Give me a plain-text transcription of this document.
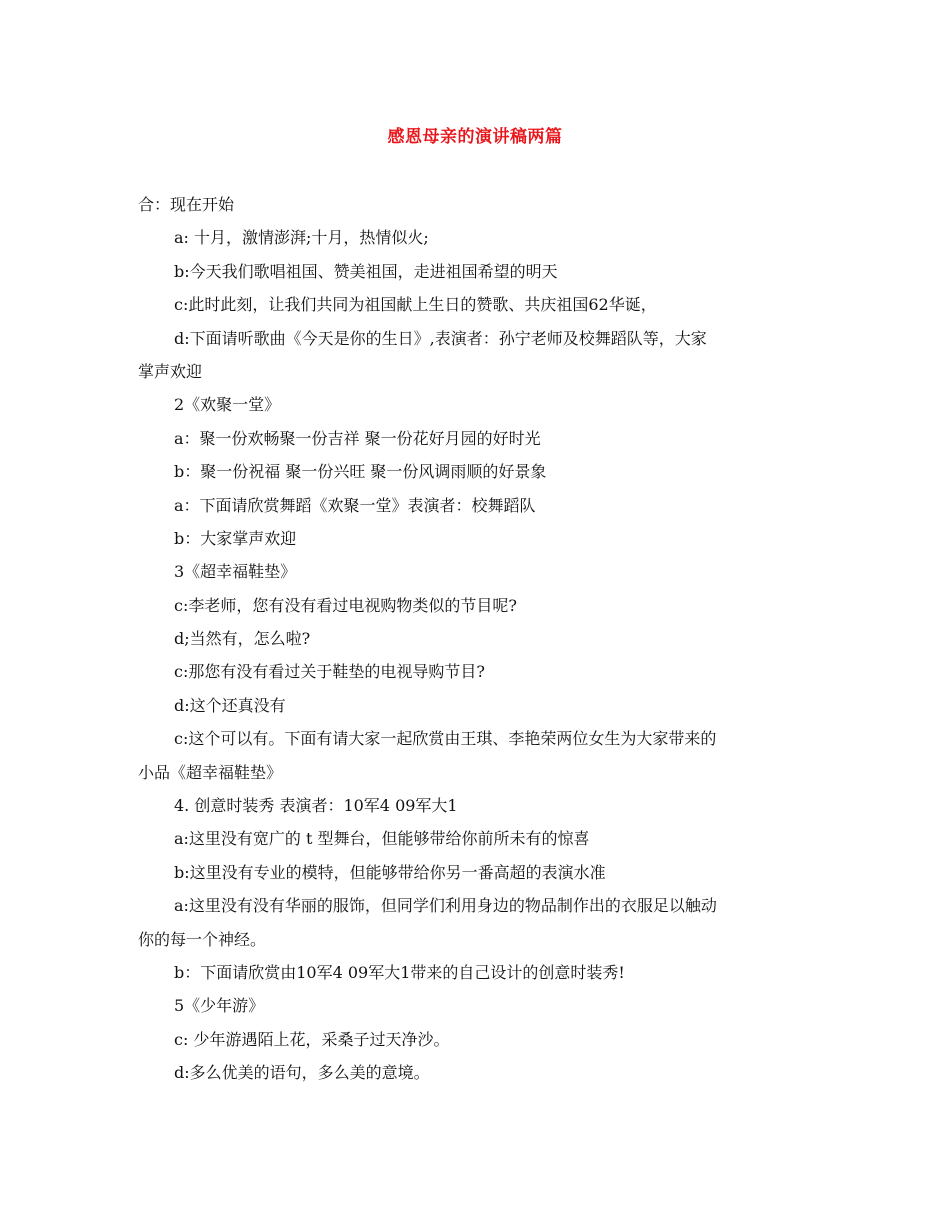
感恩母亲的演讲稿两篇
合：现在开始
a: 十月，激情澎湃;十月，热情似火;
b:今天我们歌唱祖国、赞美祖国，走进祖国希望的明天
c:此时此刻，让我们共同为祖国献上生日的赞歌、共庆祖国62华诞，
d:下面请听歌曲《今天是你的生日》,表演者：孙宁老师及校舞蹈队等，大家
掌声欢迎
2《欢聚一堂》
a：聚一份欢畅聚一份吉祥 聚一份花好月园的好时光
b：聚一份祝福 聚一份兴旺 聚一份风调雨顺的好景象
a：下面请欣赏舞蹈《欢聚一堂》表演者：校舞蹈队
b：大家掌声欢迎
3《超幸福鞋垫》
c:李老师，您有没有看过电视购物类似的节目呢?
d;当然有，怎么啦?
c:那您有没有看过关于鞋垫的电视导购节目?
d:这个还真没有
c:这个可以有。下面有请大家一起欣赏由王琪、李艳荣两位女生为大家带来的
小品《超幸福鞋垫》
4. 创意时装秀 表演者：10军4 09军大1
a:这里没有宽广的 t 型舞台，但能够带给你前所未有的惊喜
b:这里没有专业的模特，但能够带给你另一番高超的表演水准
a:这里没有没有华丽的服饰，但同学们利用身边的物品制作出的衣服足以触动
你的每一个神经。
b：下面请欣赏由10军4 09军大1带来的自己设计的创意时装秀!
5《少年游》
c: 少年游遇陌上花，采桑子过天净沙。
d:多么优美的语句，多么美的意境。
